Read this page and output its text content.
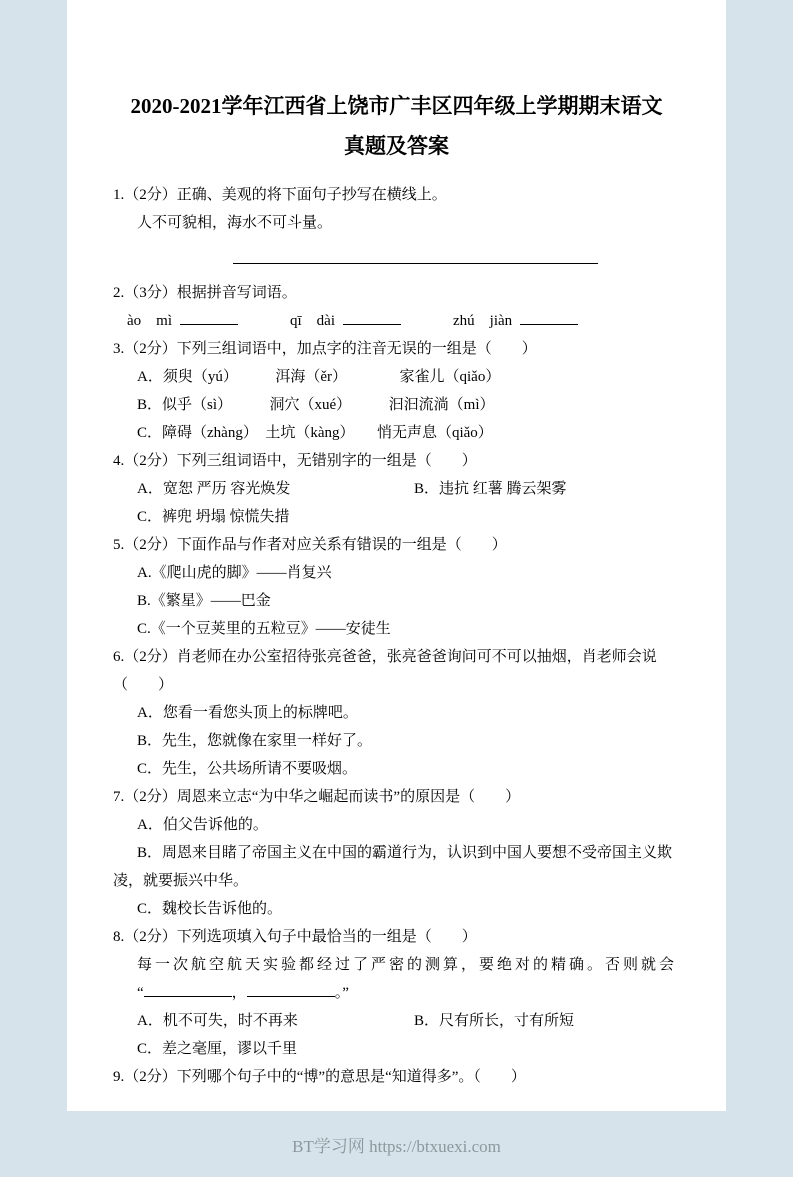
2020-2021学年江西省上饶市广丰区四年级上学期期末语文
真题及答案
1.（2分）正确、美观的将下面句子抄写在横线上。
人不可貌相，海水不可斗量。
2.（3分）根据拼音写词语。
ào　mì	qī　dài	zhú　jiàn
3.（2分）下列三组词语中，加点字的注音无误的一组是（　　）
A．须臾（yú）　　　洱海（ěr）　　　　家雀儿（qiǎo）
B．似乎（sì）　　　洞穴（xué）　　　汩汩流淌（mì）
C．障碍（zhàng）　土坑（kàng）　　悄无声息（qiǎo）
4.（2分）下列三组词语中，无错别字的一组是（　　）
A．宽恕 严历 容光焕发	B．违抗 红薯 腾云架雾
C．裤兜 坍塌 惊慌失措
5.（2分）下面作品与作者对应关系有错误的一组是（　　）
A.《爬山虎的脚》——肖复兴
B.《繁星》——巴金
C.《一个豆荚里的五粒豆》——安徒生
6.（2分）肖老师在办公室招待张亮爸爸，张亮爸爸询问可不可以抽烟，肖老师会说（　　）
A．您看一看您头顶上的标牌吧。
B．先生，您就像在家里一样好了。
C．先生，公共场所请不要吸烟。
7.（2分）周恩来立志“为中华之崛起而读书”的原因是（　　）
A．伯父告诉他的。
B．周恩来目睹了帝国主义在中国的霸道行为，认识到中国人要想不受帝国主义欺凌，就要振兴中华。
C．魏校长告诉他的。
8.（2分）下列选项填入句子中最恰当的一组是（　　）
每一次航空航天实验都经过了严密的测算，要绝对的精确。否则就会
“	，	。”
A．机不可失，时不再来	B．尺有所长，寸有所短
C．差之毫厘，谬以千里
9.（2分）下列哪个句子中的“博”的意思是“知道得多”。（　　）
BT学习网 https://btxuexi.com
